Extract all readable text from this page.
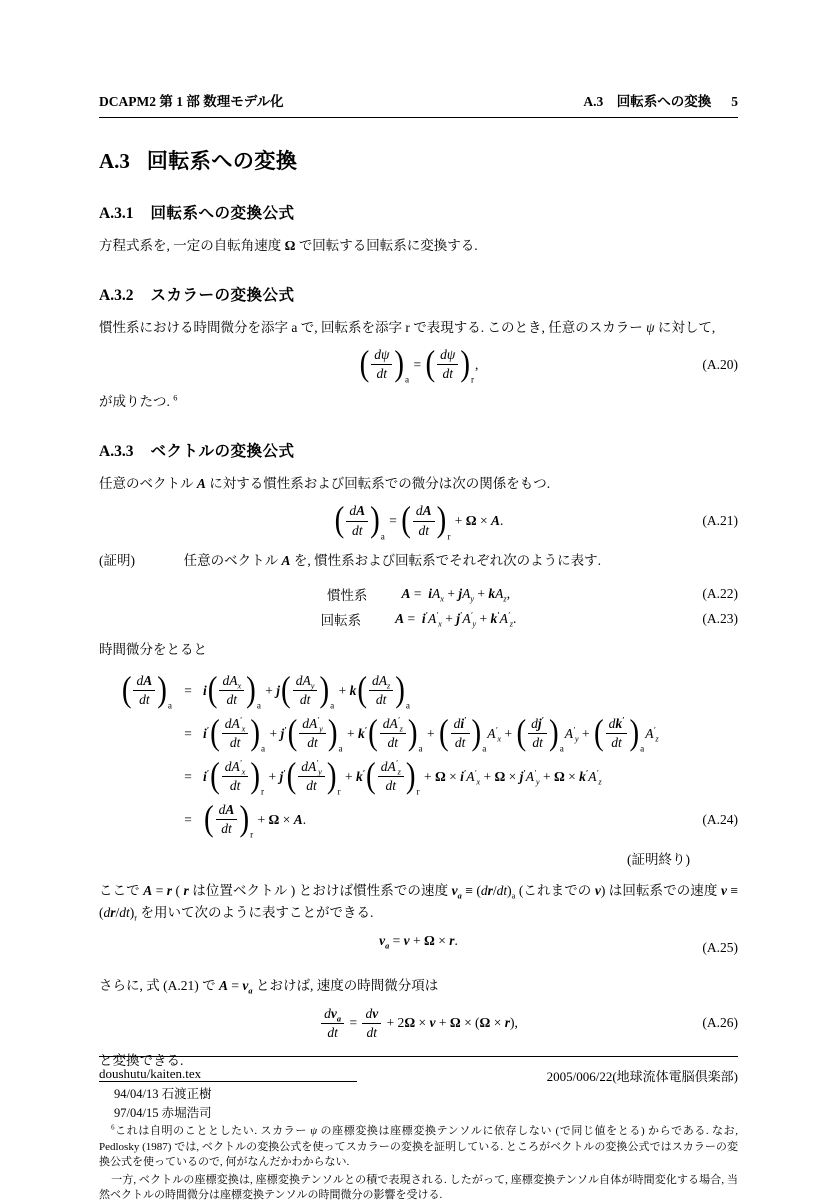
DCAPM2 第 1 部 数理モデル化	A.3　回転系への変換 5
A.3 回転系への変換
A.3.1 回転系への変換公式

方程式系を, 一定の自転角速度 Ω で回転する回転系に変換する.

A.3.2 スカラーの変換公式

慣性系における時間微分を添字 a で, 回転系を添字 r で表現する. このとき, 任意のスカラー ψ に対して,

( $\frac{d\psi}{dt}$ ) a
= ( $\frac{d\psi}{dt}$ ) r
,	(A.20)

が成りたつ. $^6$

A.3.3 ベクトルの変換公式

任意のベクトル A に対する慣性系および回転系での微分は次の関係をもつ.

( $\frac{dA}{dt}$ ) a
= ( $\frac{dA}{dt}$ ) r
+ Ω × A .	(A.21)

(証明)	任意のベクトル A を, 慣性系および回転系でそれぞれ次のように表す.

慣性系	A = i $A_x + j$ $A_y + k$ $A_z$ ,	(A.22)
回転系	A = i′ $A'_x + j'$ $A'_y + k'$ $A'_z$ .	(A.23)

時間微分をとると

( $\frac{dA}{dt}$ ) a
= i ( $\frac{dA_x}{dt}$ ) a
+ j ( $\frac{dA_y}{dt}$ ) a
+ k ( $\frac{dA_z}{dt}$ ) a
= i′ ( $\frac{dA'_x}{dt}$ ) a
+ j′ ( $\frac{dA'_y}{dt}$ ) a
+ k′ ( $\frac{dA'_z}{dt}$ ) a
+ ( $\frac{di'}{dt}$ ) a
$A'_x$ + ( $\frac{dj'}{dt}$ ) a
$A'_y$ + ( $\frac{dk'}{dt}$ ) a
$A'_z$
= i′ ( $\frac{dA'_x}{dt}$ ) r
+ j′ ( $\frac{dA'_y}{dt}$ ) r
+ k′ ( $\frac{dA'_z}{dt}$ ) r
+ Ω × i′ $A'_x + \Omega \times j'$ $A'_y + \Omega \times k'$ $A'_z$
= ( $\frac{dA}{dt}$ ) r
+ Ω × A .	(A.24)
(証明終り)

ここで A = r ( r は位置ベクトル ) とおけば慣性系での速度 $v_a \equiv (dr/dt)_a$ (これまでの v) は回転系での速度 $v \equiv (dr/dt)_r$ を用いて次のように表すことができる.

$v_a = v + \Omega \times r$ .	(A.25)

さらに, 式 (A.21) で $A = v_a$ とおけば, 速度の時間微分項は

$\frac{dv_a}{dt} = \frac{dv}{dt} + 2$ Ω × v + Ω × ( Ω × r ),	(A.26)

と変換できる.

94/04/13 石渡正樹
97/04/15 赤堀浩司

$^6$これは自明のこととしたい. スカラー ψ の座標変換は座標変換テンソルに依存しない (で同じ値をとる) からである. なお, Pedlosky (1987) では, ベクトルの変換公式を使ってスカラーの変換を証明している. ところがベクトルの変換公式ではスカラーの変換公式を使っているので, 何がなんだかわからない.

一方, ベクトルの座標変換は, 座標変換テンソルとの積で表現される. したがって, 座標変換テンソル自体が時間変化する場合, 当然ベクトルの時間微分は座標変換テンソルの時間微分の影響を受ける.

doushutu/kaiten.tex	2005/006/22(地球流体電脳倶楽部)
